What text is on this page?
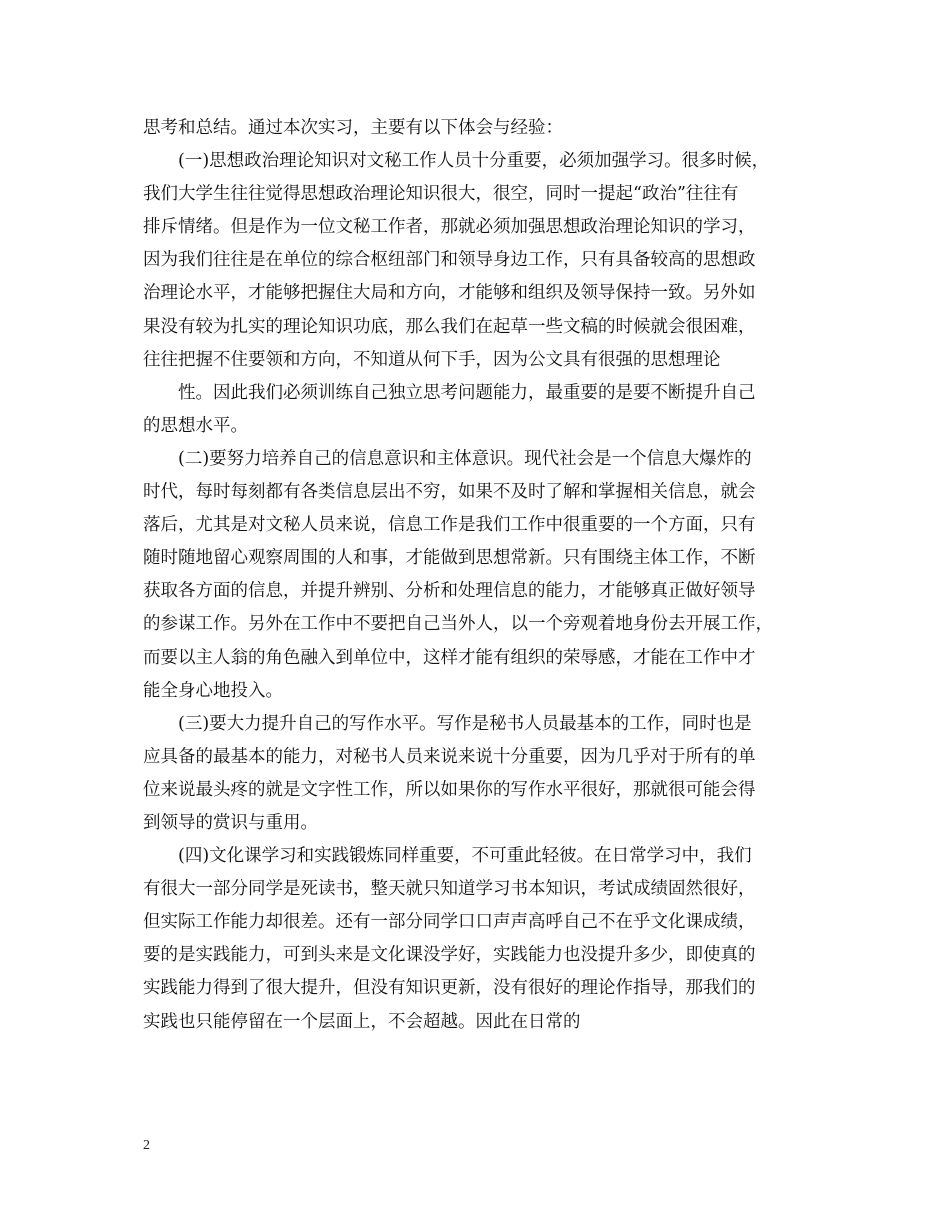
思考和总结。通过本次实习，主要有以下体会与经验：

(一)思想政治理论知识对文秘工作人员十分重要，必须加强学习。很多时候，
我们大学生往往觉得思想政治理论知识很大，很空，同时一提起“政治”往往有
排斥情绪。但是作为一位文秘工作者，那就必须加强思想政治理论知识的学习，
因为我们往往是在单位的综合枢纽部门和领导身边工作，只有具备较高的思想政
治理论水平，才能够把握住大局和方向，才能够和组织及领导保持一致。另外如
果没有较为扎实的理论知识功底，那么我们在起草一些文稿的时候就会很困难，
往往把握不住要领和方向，不知道从何下手，因为公文具有很强的思想理论

性。因此我们必须训练自己独立思考问题能力，最重要的是要不断提升自己
的思想水平。

(二)要努力培养自己的信息意识和主体意识。现代社会是一个信息大爆炸的
时代，每时每刻都有各类信息层出不穷，如果不及时了解和掌握相关信息，就会
落后，尤其是对文秘人员来说，信息工作是我们工作中很重要的一个方面，只有
随时随地留心观察周围的人和事，才能做到思想常新。只有围绕主体工作，不断
获取各方面的信息，并提升辨别、分析和处理信息的能力，才能够真正做好领导
的参谋工作。另外在工作中不要把自己当外人，以一个旁观着地身份去开展工作，
而要以主人翁的角色融入到单位中，这样才能有组织的荣辱感，才能在工作中才
能全身心地投入。

(三)要大力提升自己的写作水平。写作是秘书人员最基本的工作，同时也是
应具备的最基本的能力，对秘书人员来说来说十分重要，因为几乎对于所有的单
位来说最头疼的就是文字性工作，所以如果你的写作水平很好，那就很可能会得
到领导的赏识与重用。

(四)文化课学习和实践锻炼同样重要，不可重此轻彼。在日常学习中，我们
有很大一部分同学是死读书，整天就只知道学习书本知识，考试成绩固然很好，
但实际工作能力却很差。还有一部分同学口口声声高呼自己不在乎文化课成绩，
要的是实践能力，可到头来是文化课没学好，实践能力也没提升多少，即使真的
实践能力得到了很大提升，但没有知识更新，没有很好的理论作指导，那我们的
实践也只能停留在一个层面上，不会超越。因此在日常的

2
